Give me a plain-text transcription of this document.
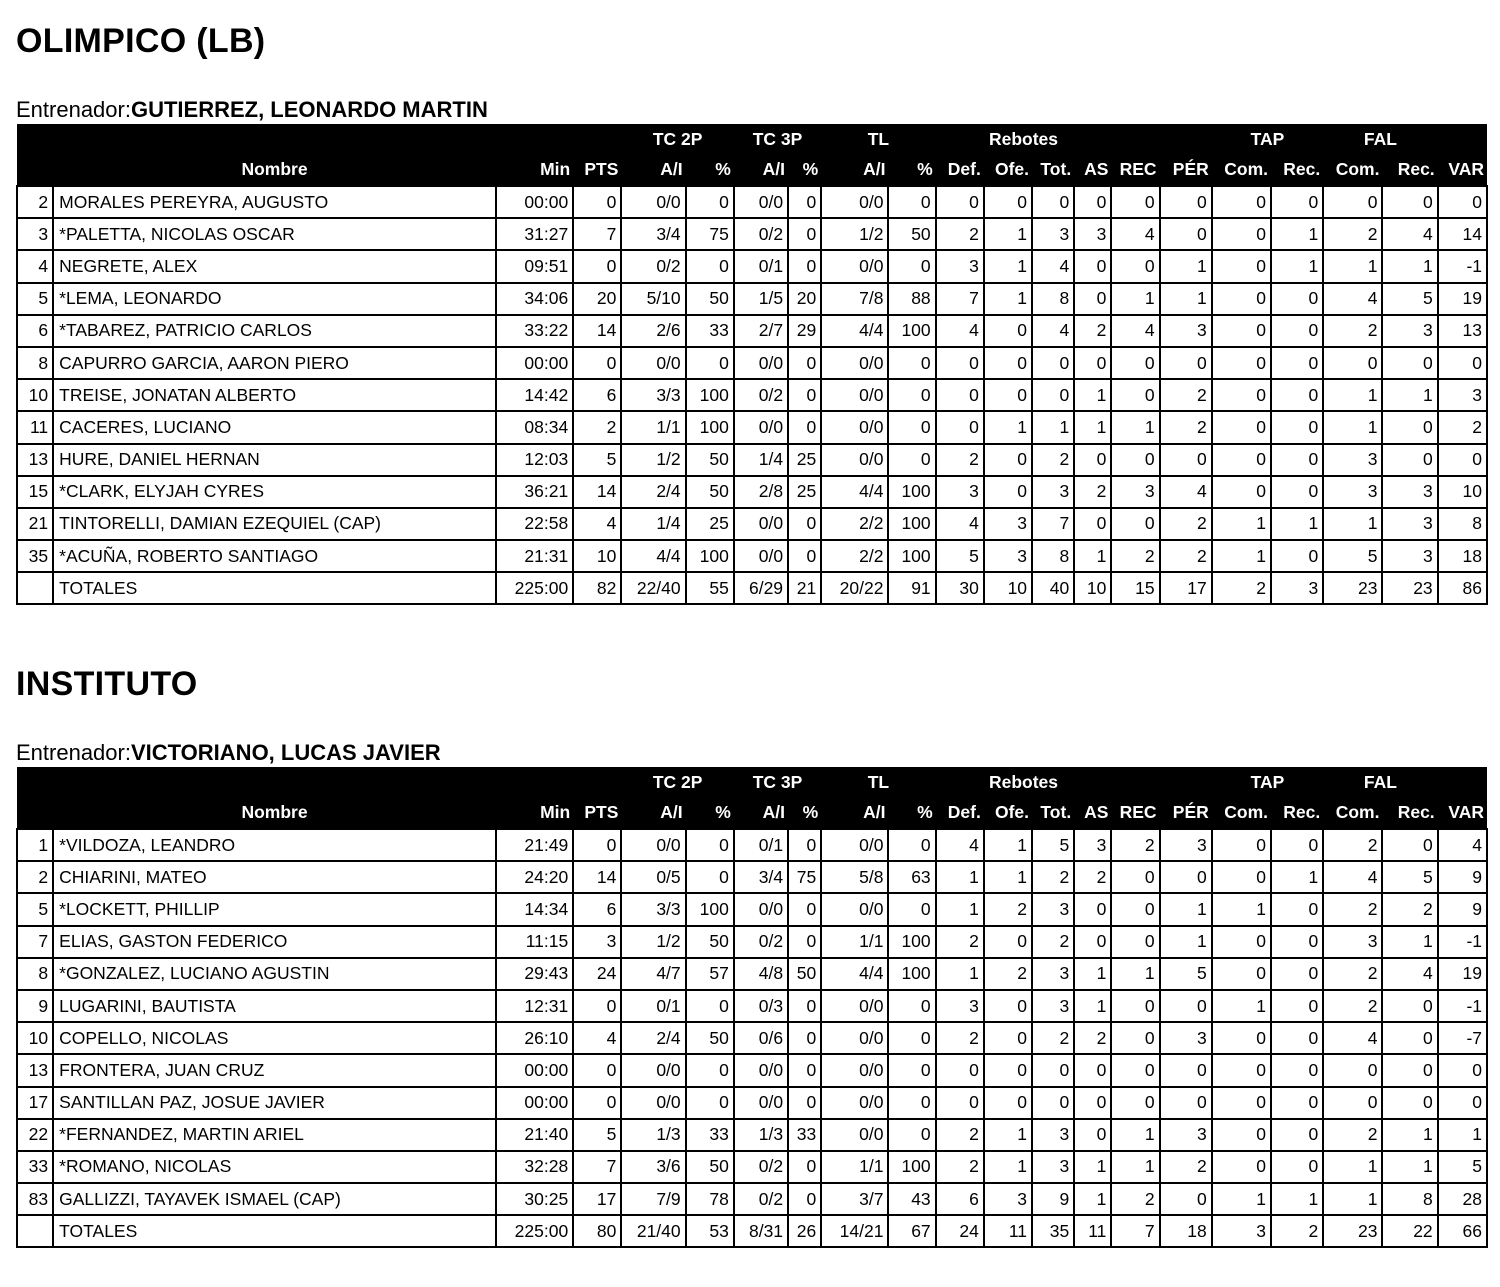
OLIMPICO (LB)
Entrenador:GUTIERREZ, LEONARDO MARTIN
				TC 2P		TC 3P		TL		Rebotes						TAP		FAL		
	Nombre	Min	PTS	A/I	%	A/I	%	A/I	%	Def.	Ofe.	Tot.	AS	REC	PÉR	Com.	Rec.	Com.	Rec.	VAR
2	MORALES PEREYRA, AUGUSTO	00:00	0	0/0	0	0/0	0	0/0	0	0	0	0	0	0	0	0	0	0	0	0
3	*PALETTA, NICOLAS OSCAR	31:27	7	3/4	75	0/2	0	1/2	50	2	1	3	3	4	0	0	1	2	4	14
4	NEGRETE, ALEX	09:51	0	0/2	0	0/1	0	0/0	0	3	1	4	0	0	1	0	1	1	1	-1
5	*LEMA, LEONARDO	34:06	20	5/10	50	1/5	20	7/8	88	7	1	8	0	1	1	0	0	4	5	19
6	*TABAREZ, PATRICIO CARLOS	33:22	14	2/6	33	2/7	29	4/4	100	4	0	4	2	4	3	0	0	2	3	13
8	CAPURRO GARCIA, AARON PIERO	00:00	0	0/0	0	0/0	0	0/0	0	0	0	0	0	0	0	0	0	0	0	0
10	TREISE, JONATAN ALBERTO	14:42	6	3/3	100	0/2	0	0/0	0	0	0	0	1	0	2	0	0	1	1	3
11	CACERES, LUCIANO	08:34	2	1/1	100	0/0	0	0/0	0	0	1	1	1	1	2	0	0	1	0	2
13	HURE, DANIEL HERNAN	12:03	5	1/2	50	1/4	25	0/0	0	2	0	2	0	0	0	0	0	3	0	0
15	*CLARK, ELYJAH CYRES	36:21	14	2/4	50	2/8	25	4/4	100	3	0	3	2	3	4	0	0	3	3	10
21	TINTORELLI, DAMIAN EZEQUIEL (CAP)	22:58	4	1/4	25	0/0	0	2/2	100	4	3	7	0	0	2	1	1	1	3	8
35	*ACUÑA, ROBERTO SANTIAGO	21:31	10	4/4	100	0/0	0	2/2	100	5	3	8	1	2	2	1	0	5	3	18
	TOTALES	225:00	82	22/40	55	6/29	21	20/22	91	30	10	40	10	15	17	2	3	23	23	86
INSTITUTO
Entrenador:VICTORIANO, LUCAS JAVIER
				TC 2P		TC 3P		TL		Rebotes						TAP		FAL		
	Nombre	Min	PTS	A/I	%	A/I	%	A/I	%	Def.	Ofe.	Tot.	AS	REC	PÉR	Com.	Rec.	Com.	Rec.	VAR
1	*VILDOZA, LEANDRO	21:49	0	0/0	0	0/1	0	0/0	0	4	1	5	3	2	3	0	0	2	0	4
2	CHIARINI, MATEO	24:20	14	0/5	0	3/4	75	5/8	63	1	1	2	2	0	0	0	1	4	5	9
5	*LOCKETT, PHILLIP	14:34	6	3/3	100	0/0	0	0/0	0	1	2	3	0	0	1	1	0	2	2	9
7	ELIAS, GASTON FEDERICO	11:15	3	1/2	50	0/2	0	1/1	100	2	0	2	0	0	1	0	0	3	1	-1
8	*GONZALEZ, LUCIANO AGUSTIN	29:43	24	4/7	57	4/8	50	4/4	100	1	2	3	1	1	5	0	0	2	4	19
9	LUGARINI, BAUTISTA	12:31	0	0/1	0	0/3	0	0/0	0	3	0	3	1	0	0	1	0	2	0	-1
10	COPELLO, NICOLAS	26:10	4	2/4	50	0/6	0	0/0	0	2	0	2	2	0	3	0	0	4	0	-7
13	FRONTERA, JUAN CRUZ	00:00	0	0/0	0	0/0	0	0/0	0	0	0	0	0	0	0	0	0	0	0	0
17	SANTILLAN PAZ, JOSUE JAVIER	00:00	0	0/0	0	0/0	0	0/0	0	0	0	0	0	0	0	0	0	0	0	0
22	*FERNANDEZ, MARTIN ARIEL	21:40	5	1/3	33	1/3	33	0/0	0	2	1	3	0	1	3	0	0	2	1	1
33	*ROMANO, NICOLAS	32:28	7	3/6	50	0/2	0	1/1	100	2	1	3	1	1	2	0	0	1	1	5
83	GALLIZZI, TAYAVEK ISMAEL (CAP)	30:25	17	7/9	78	0/2	0	3/7	43	6	3	9	1	2	0	1	1	1	8	28
	TOTALES	225:00	80	21/40	53	8/31	26	14/21	67	24	11	35	11	7	18	3	2	23	22	66
